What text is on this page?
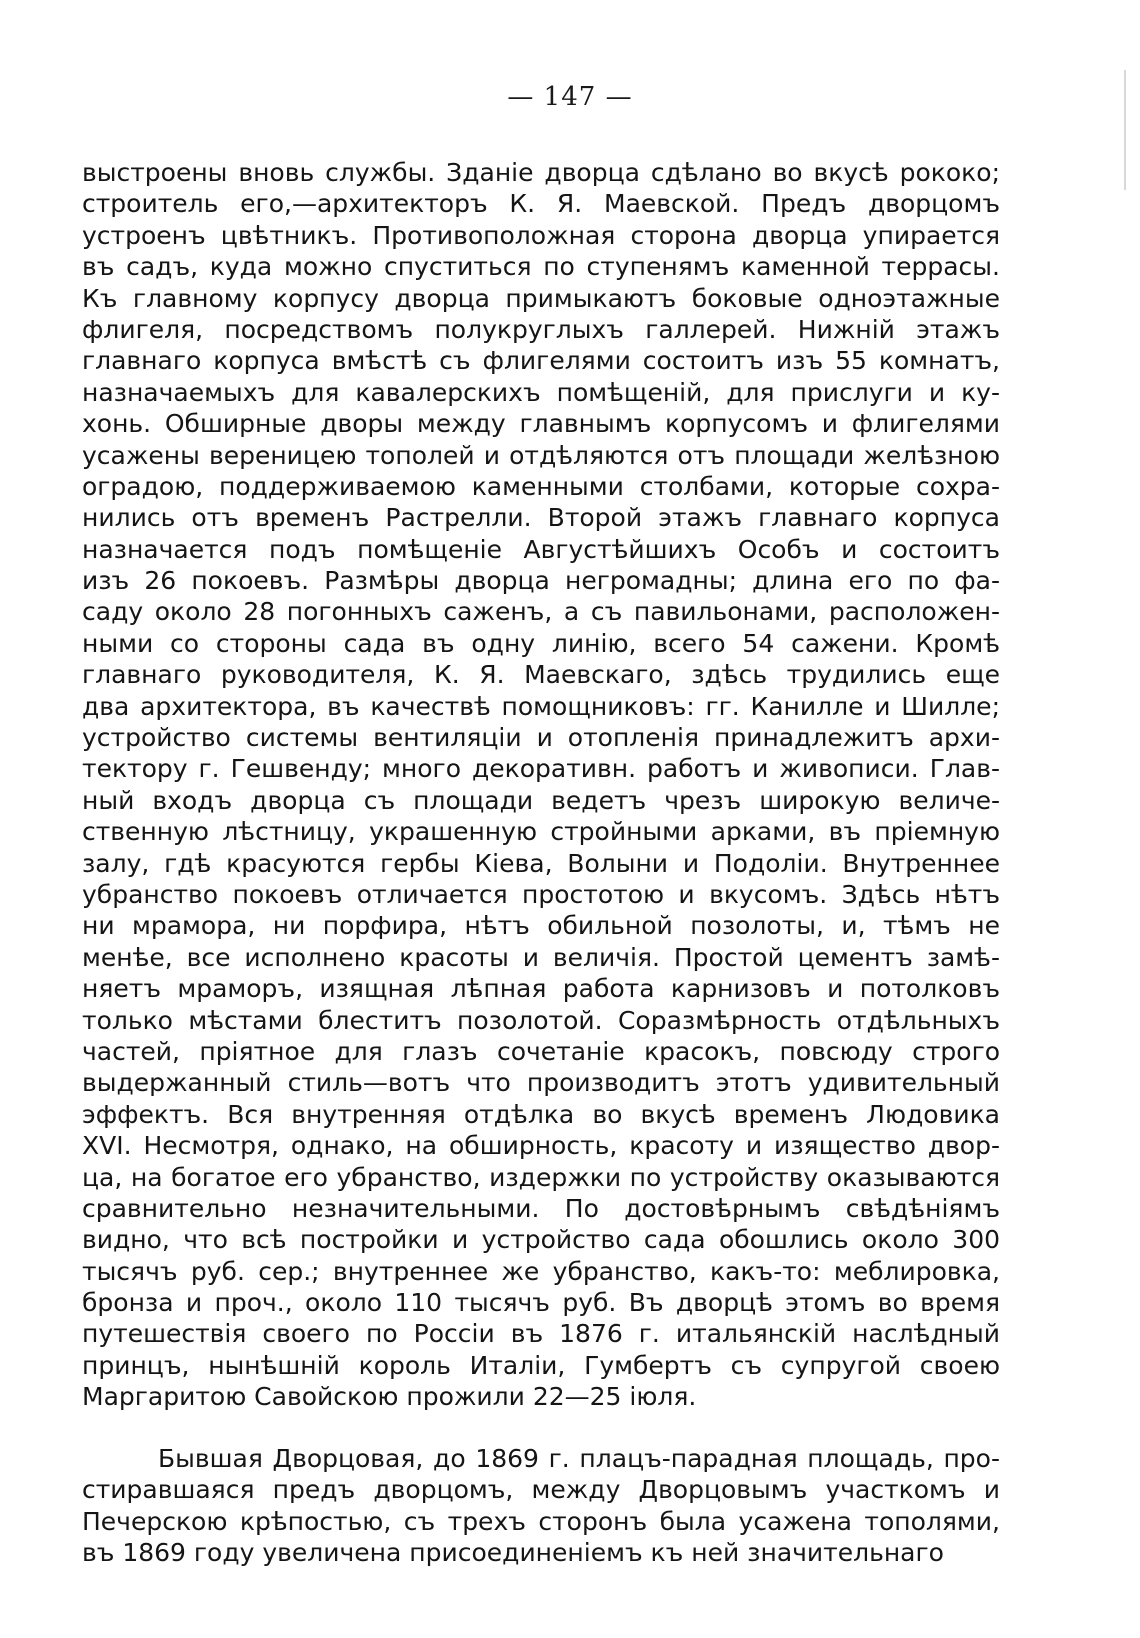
— 147 —
выстроены вновь службы. Зданіе дворца сдѣлано во вкусѣ рококо;
строитель его,—архитекторъ К. Я. Маевской. Предъ дворцомъ
устроенъ цвѣтникъ. Противоположная сторона дворца упирается
въ садъ, куда можно спуститься по ступенямъ каменной террасы.
Къ главному корпусу дворца примыкаютъ боковые одноэтажные
флигеля, посредствомъ полукруглыхъ галлерей. Нижній этажъ
главнаго корпуса вмѣстѣ съ флигелями состоитъ изъ 55 комнатъ,
назначаемыхъ для кавалерскихъ помѣщеній, для прислуги и ку-
хонь. Обширные дворы между главнымъ корпусомъ и флигелями
усажены вереницею тополей и отдѣляются отъ площади желѣзною
оградою, поддерживаемою каменными столбами, которые сохра-
нились отъ временъ Растрелли. Второй этажъ главнаго корпуса
назначается подъ помѣщеніе Августѣйшихъ Особъ и состоитъ
изъ 26 покоевъ. Размѣры дворца негромадны; длина его по фа-
саду около 28 погонныхъ саженъ, а съ павильонами, расположен-
ными со стороны сада въ одну линію, всего 54 сажени. Кромѣ
главнаго руководителя, К. Я. Маевскаго, здѣсь трудились еще
два архитектора, въ качествѣ помощниковъ: гг. Канилле и Шилле;
устройство системы вентиляціи и отопленія принадлежитъ архи-
тектору г. Гешвенду; много декоративн. работъ и живописи. Глав-
ный входъ дворца съ площади ведетъ чрезъ широкую величе-
ственную лѣстницу, украшенную стройными арками, въ пріемную
залу, гдѣ красуются гербы Кіева, Волыни и Подоліи. Внутреннее
убранство покоевъ отличается простотою и вкусомъ. Здѣсь нѣтъ
ни мрамора, ни порфира, нѣтъ обильной позолоты, и, тѣмъ не
менѣе, все исполнено красоты и величія. Простой цементъ замѣ-
няетъ мраморъ, изящная лѣпная работа карнизовъ и потолковъ
только мѣстами блеститъ позолотой. Соразмѣрность отдѣльныхъ
частей, пріятное для глазъ сочетаніе красокъ, повсюду строго
выдержанный стиль—вотъ что производитъ этотъ удивительный
эффектъ. Вся внутренняя отдѣлка во вкусѣ временъ Людовика
XVI. Несмотря, однако, на обширность, красоту и изящество двор-
ца, на богатое его убранство, издержки по устройству оказываются
сравнительно незначительными. По достовѣрнымъ свѣдѣніямъ
видно, что всѣ постройки и устройство сада обошлись около 300
тысячъ руб. сер.; внутреннее же убранство, какъ-то: меблировка,
бронза и проч., около 110 тысячъ руб. Въ дворцѣ этомъ во время
путешествія своего по Россіи въ 1876 г. итальянскій наслѣдный
принцъ, нынѣшній король Италіи, Гумбертъ съ супругой своею
Маргаритою Савойскою прожили 22—25 іюля.
Бывшая Дворцовая, до 1869 г. плацъ-парадная площадь, про-
стиравшаяся предъ дворцомъ, между Дворцовымъ участкомъ и
Печерскою крѣпостью, съ трехъ сторонъ была усажена тополями,
въ 1869 году увеличена присоединеніемъ къ ней значительнаго
